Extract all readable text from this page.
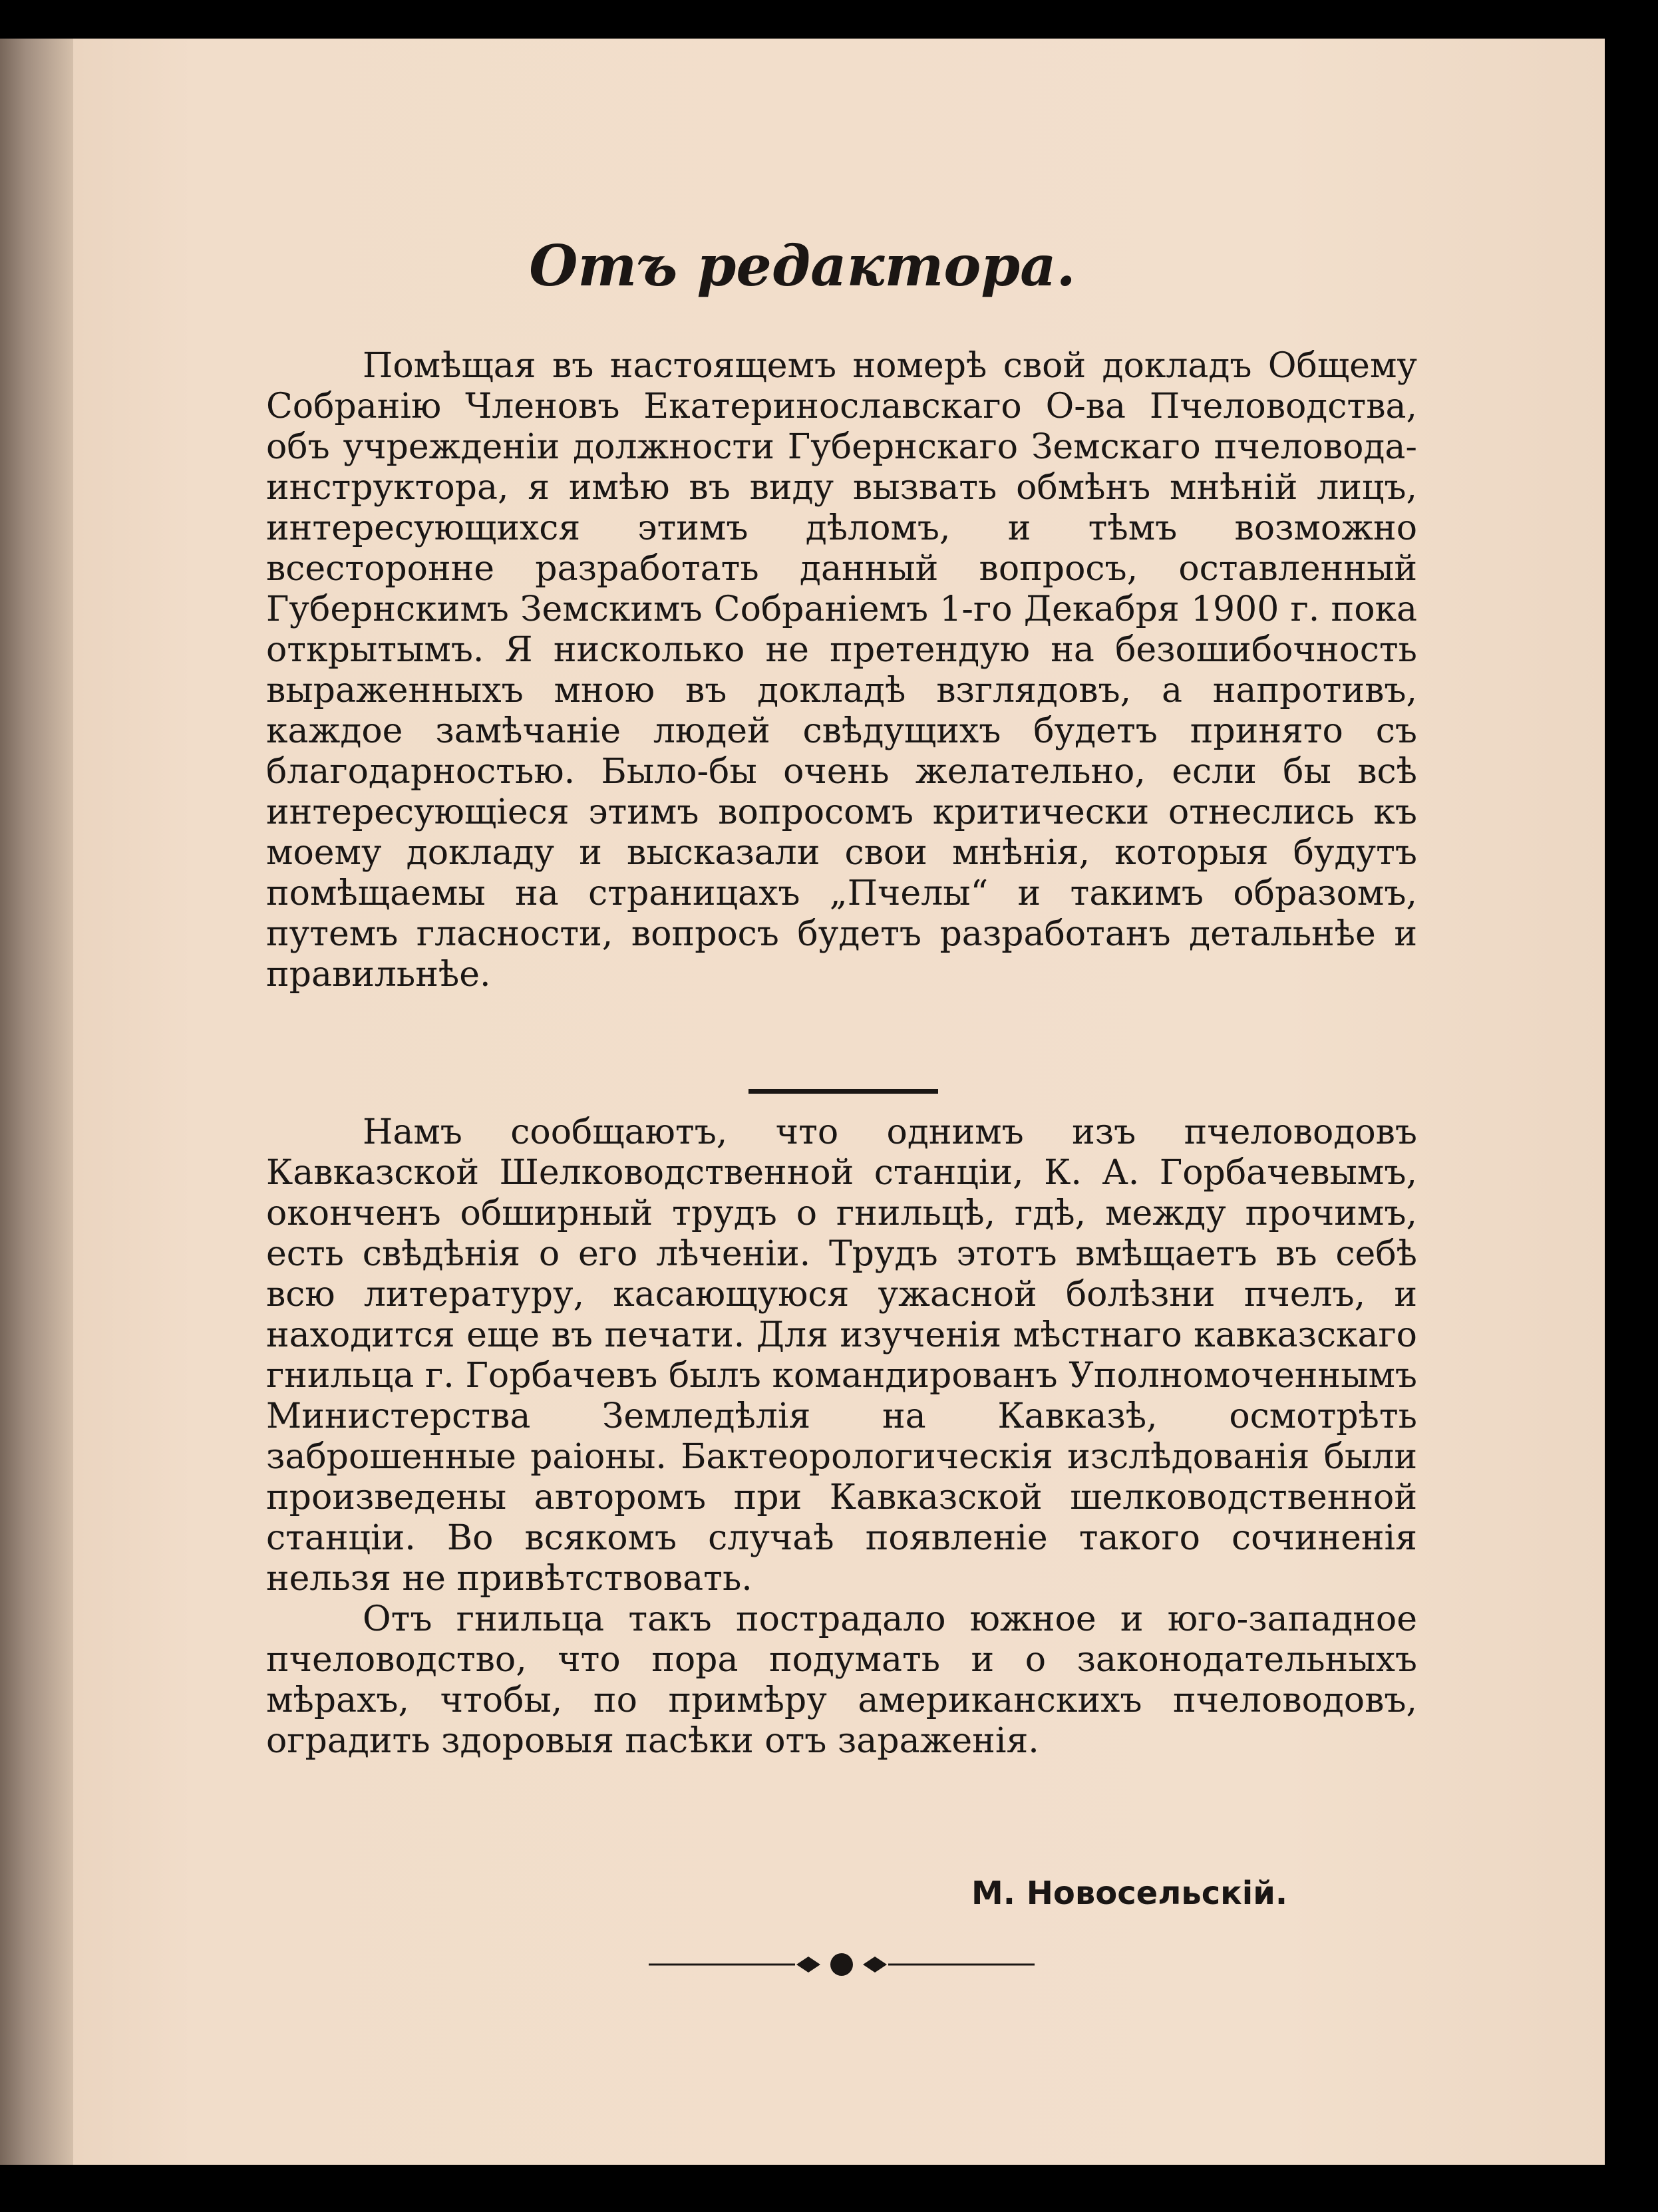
Отъ редактора.

Помѣщая въ настоящемъ номерѣ свой докладъ Общему Собранiю Членовъ Екатеринославскаго О-ва Пчеловодства, объ учрежденiи должности Губернскаго Земскаго пчеловода-инструктора, я имѣю въ виду вызвать обмѣнъ мнѣнiй лицъ, интересующихся этимъ дѣломъ, и тѣмъ возможно всесторонне разработать данный вопросъ, оставленный Губернскимъ Земскимъ Собранiемъ 1-го Декабря 1900 г. пока открытымъ. Я нисколько не претендую на безошибочность выраженныхъ мною въ докладѣ взглядовъ, а напротивъ, каждое замѣчанiе людей свѣдущихъ будетъ принято съ благодарностью. Было-бы очень желательно, если бы всѣ интересующiеся этимъ вопросомъ критически отнеслись къ моему докладу и высказали свои мнѣнiя, которыя будутъ помѣщаемы на страницахъ „Пчелы“ и такимъ образомъ, путемъ гласности, вопросъ будетъ разработанъ детальнѣе и правильнѣе.

Намъ сообщаютъ, что однимъ изъ пчеловодовъ Кавказской Шелководственной станцiи, К. А. Горбачевымъ, оконченъ обширный трудъ о гнильцѣ, гдѣ, между прочимъ, есть свѣдѣнiя о его лѣченiи. Трудъ этотъ вмѣщаетъ въ себѣ всю литературу, касающуюся ужасной болѣзни пчелъ, и находится еще въ печати. Для изученiя мѣстнаго кавказскаго гнильца г. Горбачевъ былъ командированъ Уполномоченнымъ Министерства Земледѣлiя на Кавказѣ, осмотрѣть заброшенные раiоны. Бактеорологическiя изслѣдованiя были произведены авторомъ при Кавказской шелководственной станцiи. Во всякомъ случаѣ появленiе такого сочиненiя нельзя не привѣтствовать.

Отъ гнильца такъ пострадало южное и юго-западное пчеловодство, что пора подумать и о законодательныхъ мѣрахъ, чтобы, по примѣру американскихъ пчеловодовъ, оградить здоровыя пасѣки отъ зараженiя.

М. Новосельскiй.
